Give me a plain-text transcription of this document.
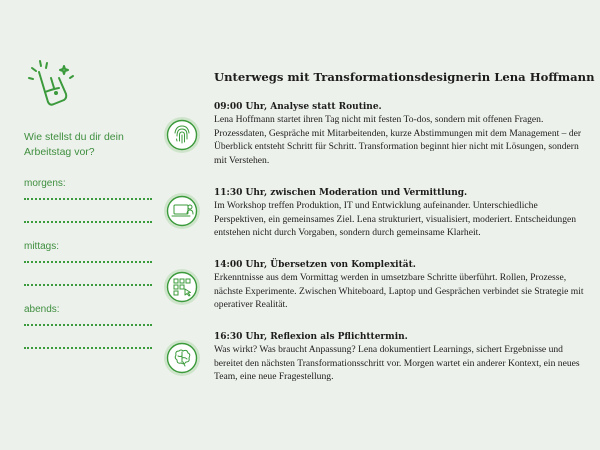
Wie stellst du dir dein Arbeitstag vor?

morgens:

mittags:

abends:

Unterwegs mit Transformationsdesignerin Lena Hoffmann
09:00 Uhr, Analyse statt Routine.

Lena Hoffmann startet ihren Tag nicht mit festen To-dos, sondern mit offenen Fragen. Prozessdaten, Gespräche mit Mitarbeitenden, kurze Abstimmungen mit dem Management – der Überblick entsteht Schritt für Schritt. Transformation beginnt hier nicht mit Lösungen, sondern mit Verstehen.

11:30 Uhr, zwischen Moderation und Vermittlung.

Im Workshop treffen Produktion, IT und Entwicklung aufeinander. Unterschiedliche Perspektiven, ein gemeinsames Ziel. Lena strukturiert, visualisiert, moderiert. Entscheidungen entstehen nicht durch Vorgaben, sondern durch gemeinsame Klarheit.

14:00 Uhr, Übersetzen von Komplexität.

Erkenntnisse aus dem Vormittag werden in umsetzbare Schritte überführt. Rollen, Prozesse, nächste Experimente. Zwischen Whiteboard, Laptop und Gesprächen verbindet sie Strategie mit operativer Realität.

16:30 Uhr, Reflexion als Pflichttermin.

Was wirkt? Was braucht Anpassung? Lena dokumentiert Learnings, sichert Ergebnisse und bereitet den nächsten Transformationsschritt vor. Morgen wartet ein anderer Kontext, ein neues Team, eine neue Fragestellung.
